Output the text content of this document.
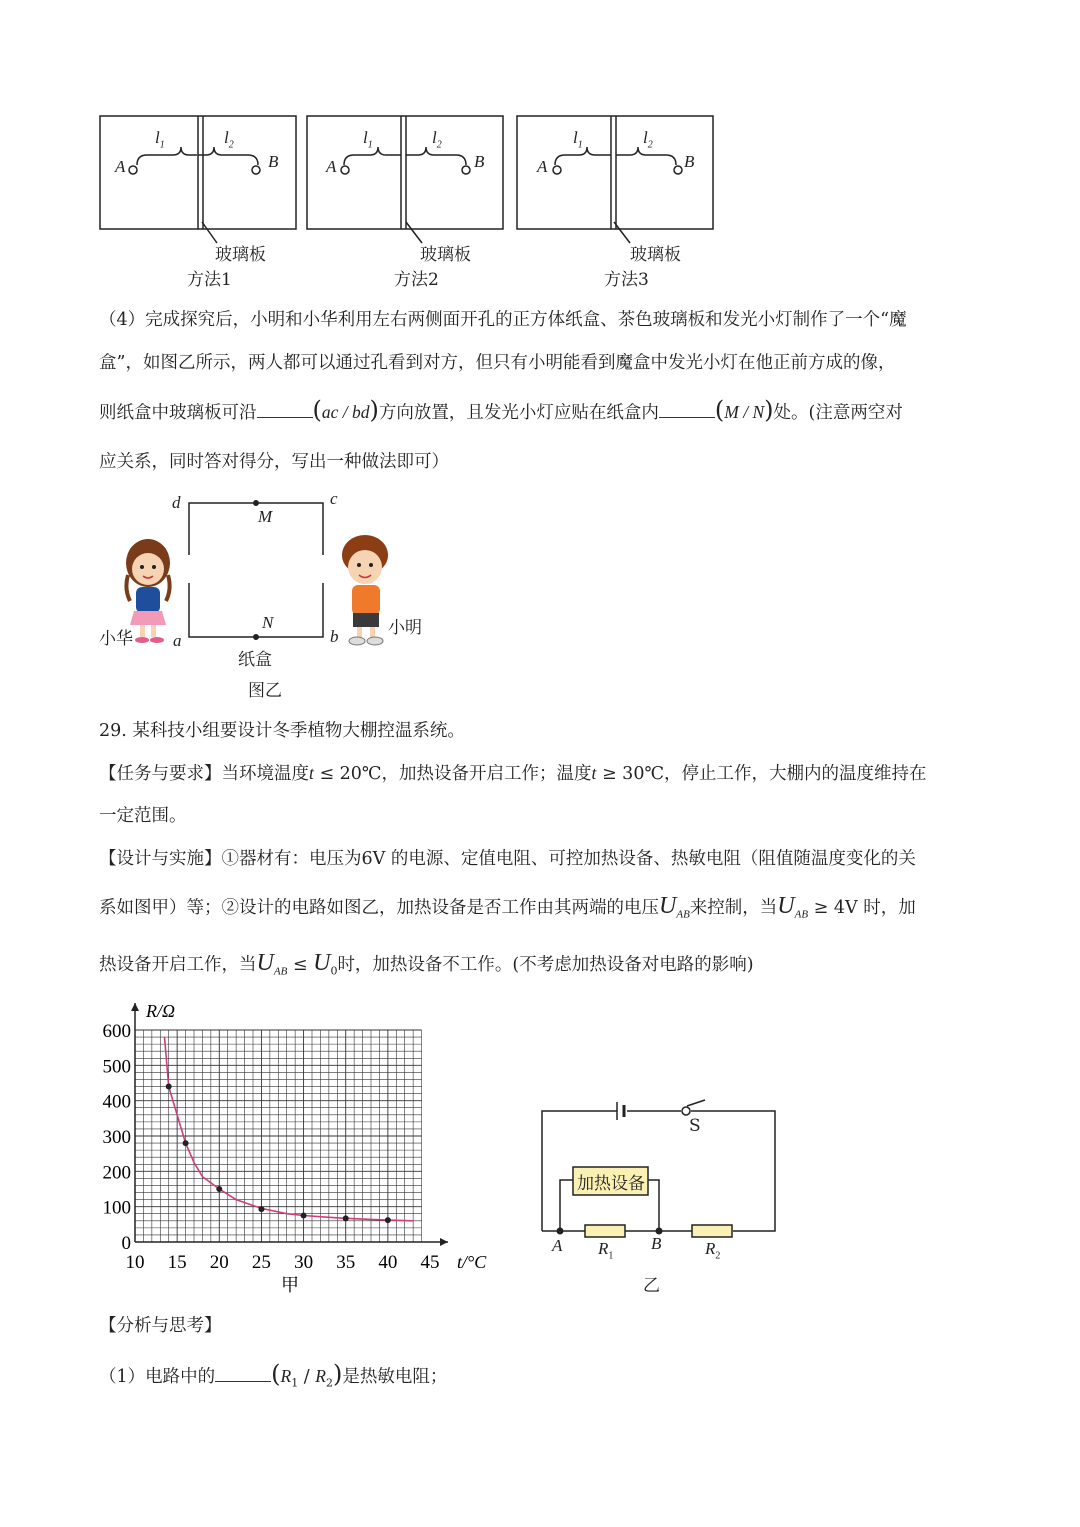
A	B
$l_1$	$l_2$
A	B
$l_1$	$l_2$
A	B
$l_1$	$l_2$
玻璃板	玻璃板	玻璃板
方法1	方法2	方法3
（4）完成探究后，小明和小华利用左右两侧面开孔的正方体纸盒、茶色玻璃板和发光小灯制作了一个“魔
盒”，如图乙所示，两人都可以通过孔看到对方，但只有小明能看到魔盒中发光小灯在他正前方成的像，
则纸盒中玻璃板可沿 (ac / bd)方向放置，且发光小灯应贴在纸盒内 (M / N)处。(注意两空对
应关系，同时答对得分，写出一种做法即可）
d	c
M
a	b
N
小华
小明
纸盒
图乙
29. 某科技小组要设计冬季植物大棚控温系统。
【任务与要求】当环境温度t ≤ 20℃，加热设备开启工作；温度t ≥ 30℃，停止工作，大棚内的温度维持在
一定范围。
【设计与实施】①器材有：电压为6V 的电源、定值电阻、可控加热设备、热敏电阻（阻值随温度变化的关
系如图甲）等；②设计的电路如图乙，加热设备是否工作由其两端的电压$U_{AB}$来控制，当$U_{AB} \ge 4V$ 时，加
热设备开启工作，当$U_{AB} \le U_0$时，加热设备不工作。(不考虑加热设备对电路的影响)
10 15 20 25 30 35 40 45
0
100
200
300
400
500
600
R/Ω
t/°C
甲
S
加热设备
A	B
$R_1$	$R_2$
乙
【分析与思考】
（1）电路中的 $(R_1 / R_2)$是热敏电阻；
